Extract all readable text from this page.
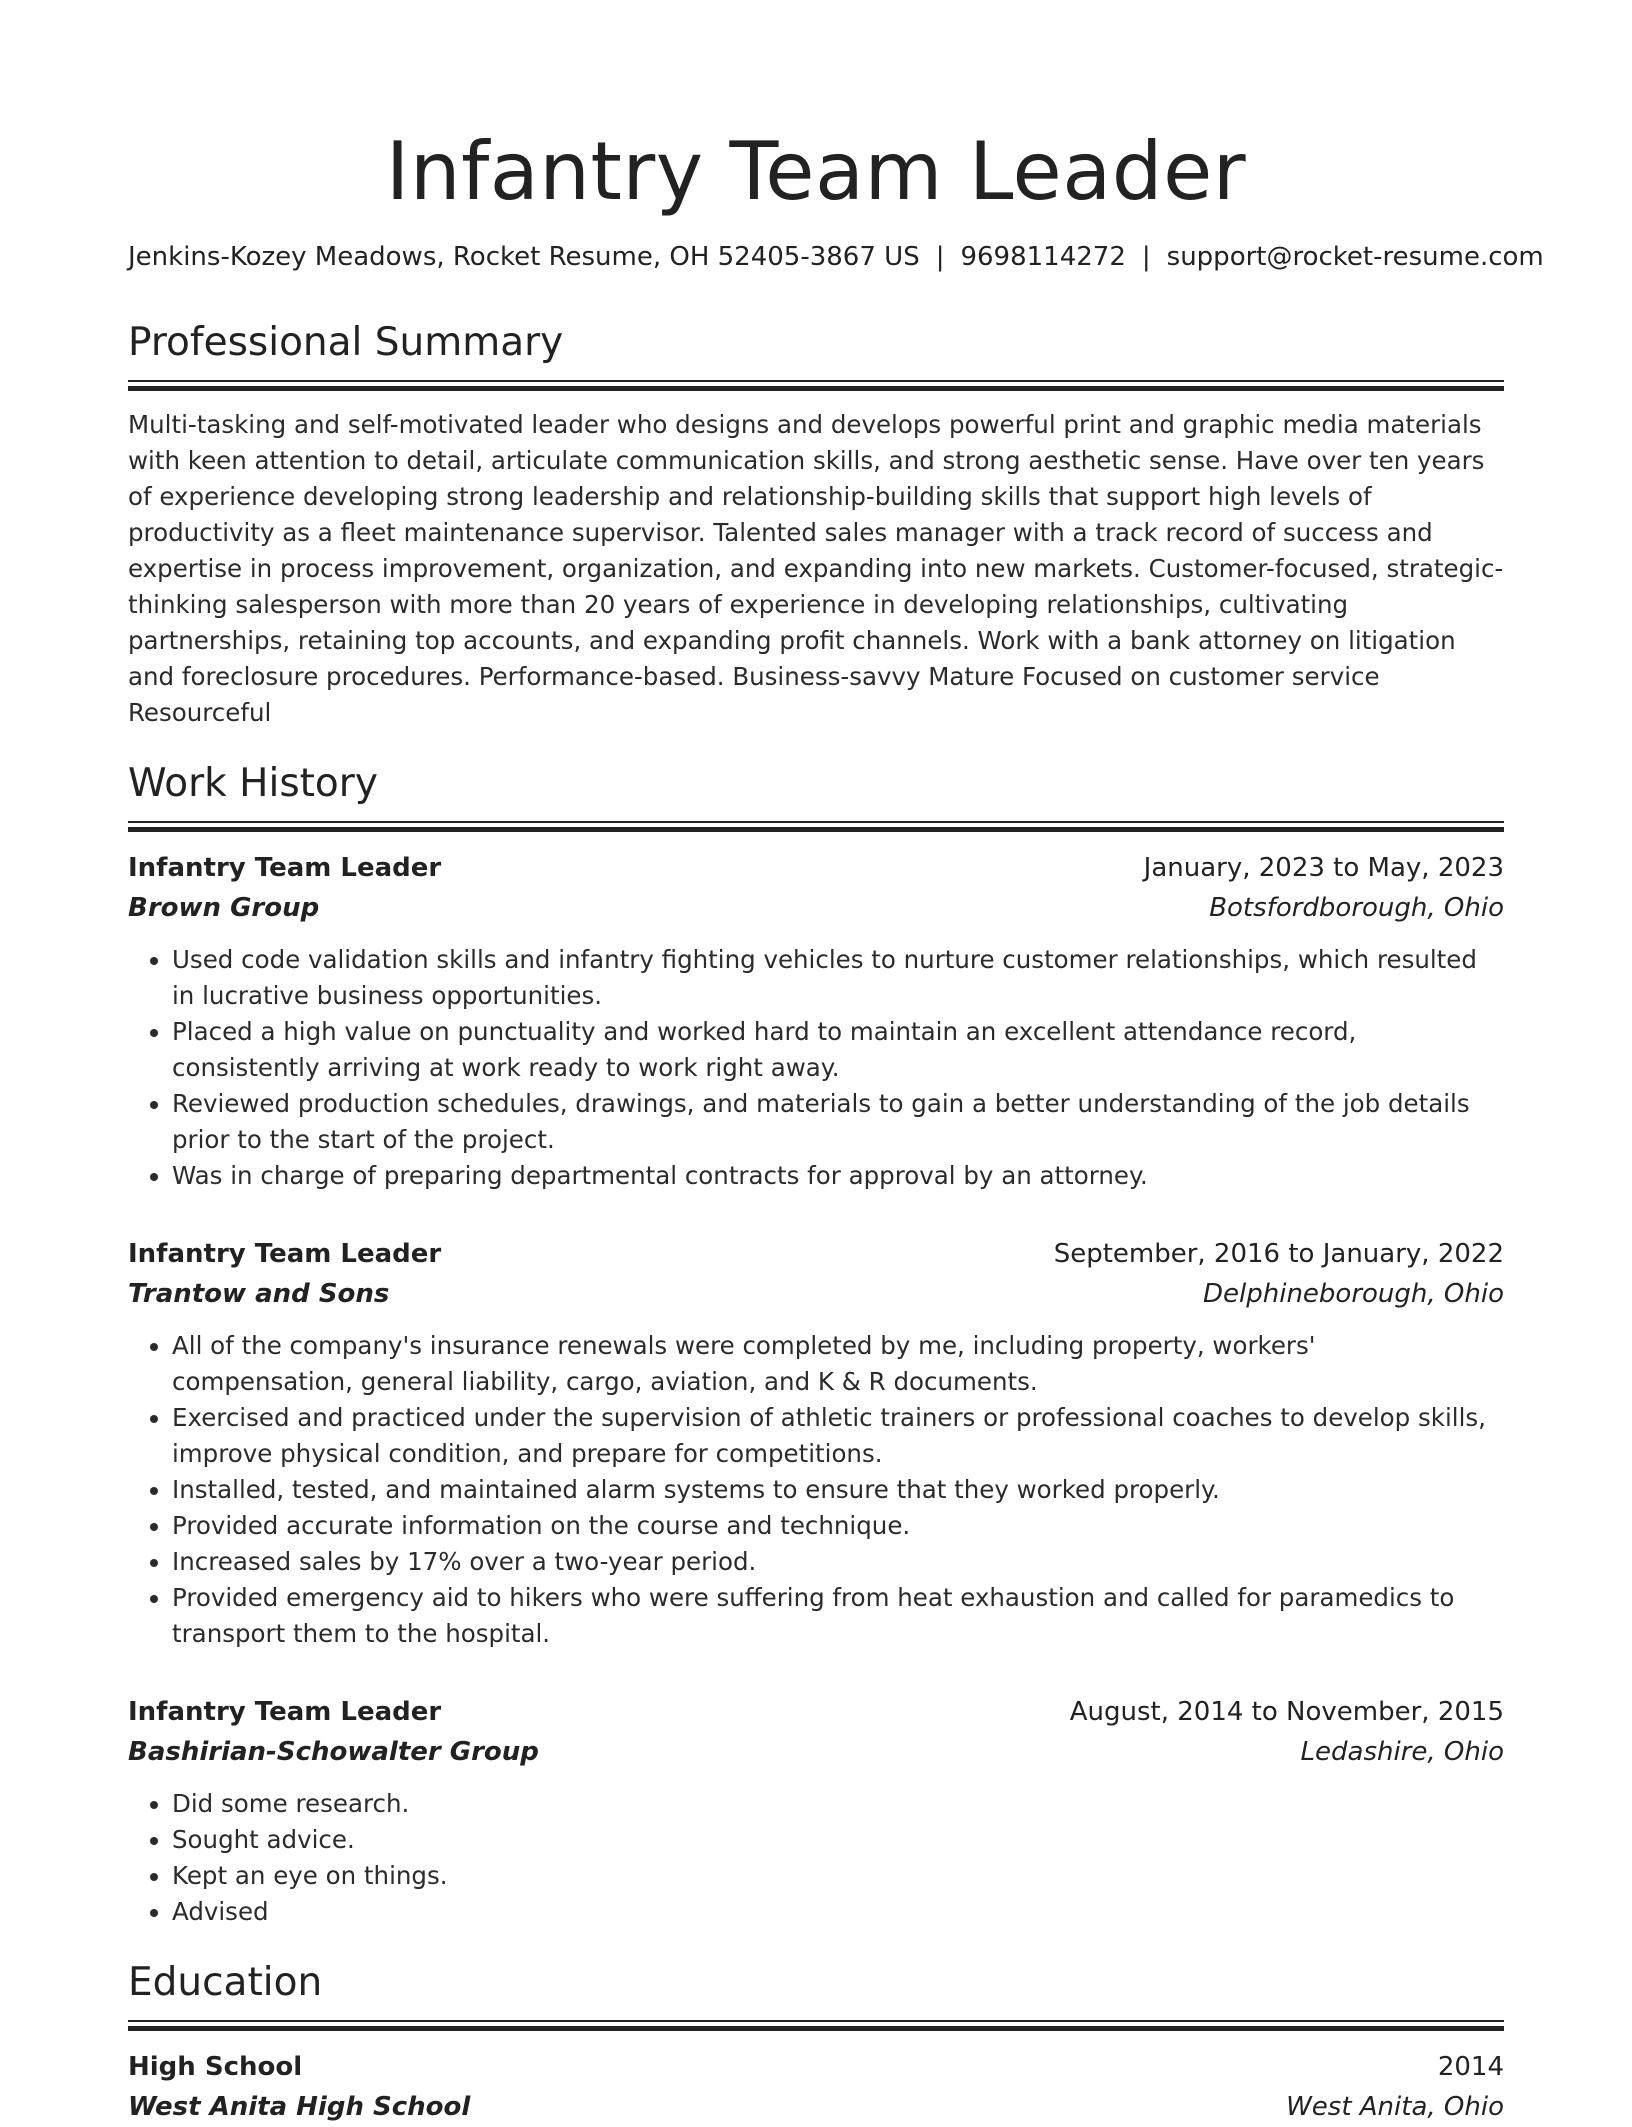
Infantry Team Leader
Jenkins-Kozey Meadows, Rocket Resume, OH 52405-3867 US | 9698114272 | support@rocket-resume.com
Professional Summary
Multi-tasking and self-motivated leader who designs and develops powerful print and graphic media materials with keen attention to detail, articulate communication skills, and strong aesthetic sense. Have over ten years of experience developing strong leadership and relationship-building skills that support high levels of productivity as a fleet maintenance supervisor. Talented sales manager with a track record of success and expertise in process improvement, organization, and expanding into new markets. Customer-focused, strategic-thinking salesperson with more than 20 years of experience in developing relationships, cultivating partnerships, retaining top accounts, and expanding profit channels. Work with a bank attorney on litigation and foreclosure procedures. Performance-based. Business-savvy Mature Focused on customer service Resourceful
Work History
Infantry Team Leader	January, 2023 to May, 2023
Brown Group	Botsfordborough, Ohio
• Used code validation skills and infantry fighting vehicles to nurture customer relationships, which resulted in lucrative business opportunities.
• Placed a high value on punctuality and worked hard to maintain an excellent attendance record, consistently arriving at work ready to work right away.
• Reviewed production schedules, drawings, and materials to gain a better understanding of the job details prior to the start of the project.
• Was in charge of preparing departmental contracts for approval by an attorney.
Infantry Team Leader	September, 2016 to January, 2022
Trantow and Sons	Delphineborough, Ohio
• All of the company's insurance renewals were completed by me, including property, workers' compensation, general liability, cargo, aviation, and K & R documents.
• Exercised and practiced under the supervision of athletic trainers or professional coaches to develop skills, improve physical condition, and prepare for competitions.
• Installed, tested, and maintained alarm systems to ensure that they worked properly.
• Provided accurate information on the course and technique.
• Increased sales by 17% over a two-year period.
• Provided emergency aid to hikers who were suffering from heat exhaustion and called for paramedics to transport them to the hospital.
Infantry Team Leader	August, 2014 to November, 2015
Bashirian-Schowalter Group	Ledashire, Ohio
• Did some research.
• Sought advice.
• Kept an eye on things.
• Advised
Education
High School	2014
West Anita High School	West Anita, Ohio
